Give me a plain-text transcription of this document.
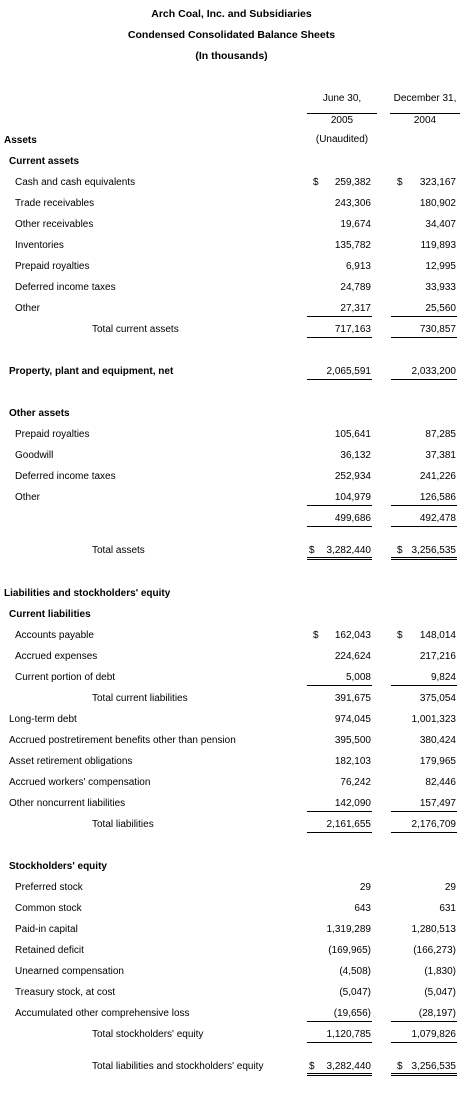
Arch Coal, Inc. and Subsidiaries
Condensed Consolidated Balance Sheets
(In thousands)
June 30,
2005
(Unaudited)
December 31,
2004
Assets
Current assets
Cash and cash equivalents	$ 259,382	$ 323,167
Trade receivables	243,306	180,902
Other receivables	19,674	34,407
Inventories	135,782	119,893
Prepaid royalties	6,913	12,995
Deferred income taxes	24,789	33,933
Other	27,317	25,560
Total current assets	717,163	730,857
Property, plant and equipment, net	2,065,591	2,033,200
Other assets
Prepaid royalties	105,641	87,285
Goodwill	36,132	37,381
Deferred income taxes	252,934	241,226
Other	104,979	126,586
499,686	492,478
Total assets	$ 3,282,440	$ 3,256,535
Liabilities and stockholders' equity
Current liabilities
Accounts payable	$ 162,043	$ 148,014
Accrued expenses	224,624	217,216
Current portion of debt	5,008	9,824
Total current liabilities	391,675	375,054
Long-term debt	974,045	1,001,323
Accrued postretirement benefits other than pension	395,500	380,424
Asset retirement obligations	182,103	179,965
Accrued workers' compensation	76,242	82,446
Other noncurrent liabilities	142,090	157,497
Total liabilities	2,161,655	2,176,709
Stockholders' equity
Preferred stock	29	29
Common stock	643	631
Paid-in capital	1,319,289	1,280,513
Retained deficit	(169,965)	(166,273)
Unearned compensation	(4,508)	(1,830)
Treasury stock, at cost	(5,047)	(5,047)
Accumulated other comprehensive loss	(19,656)	(28,197)
Total stockholders' equity	1,120,785	1,079,826
Total liabilities and stockholders' equity	$ 3,282,440	$ 3,256,535
